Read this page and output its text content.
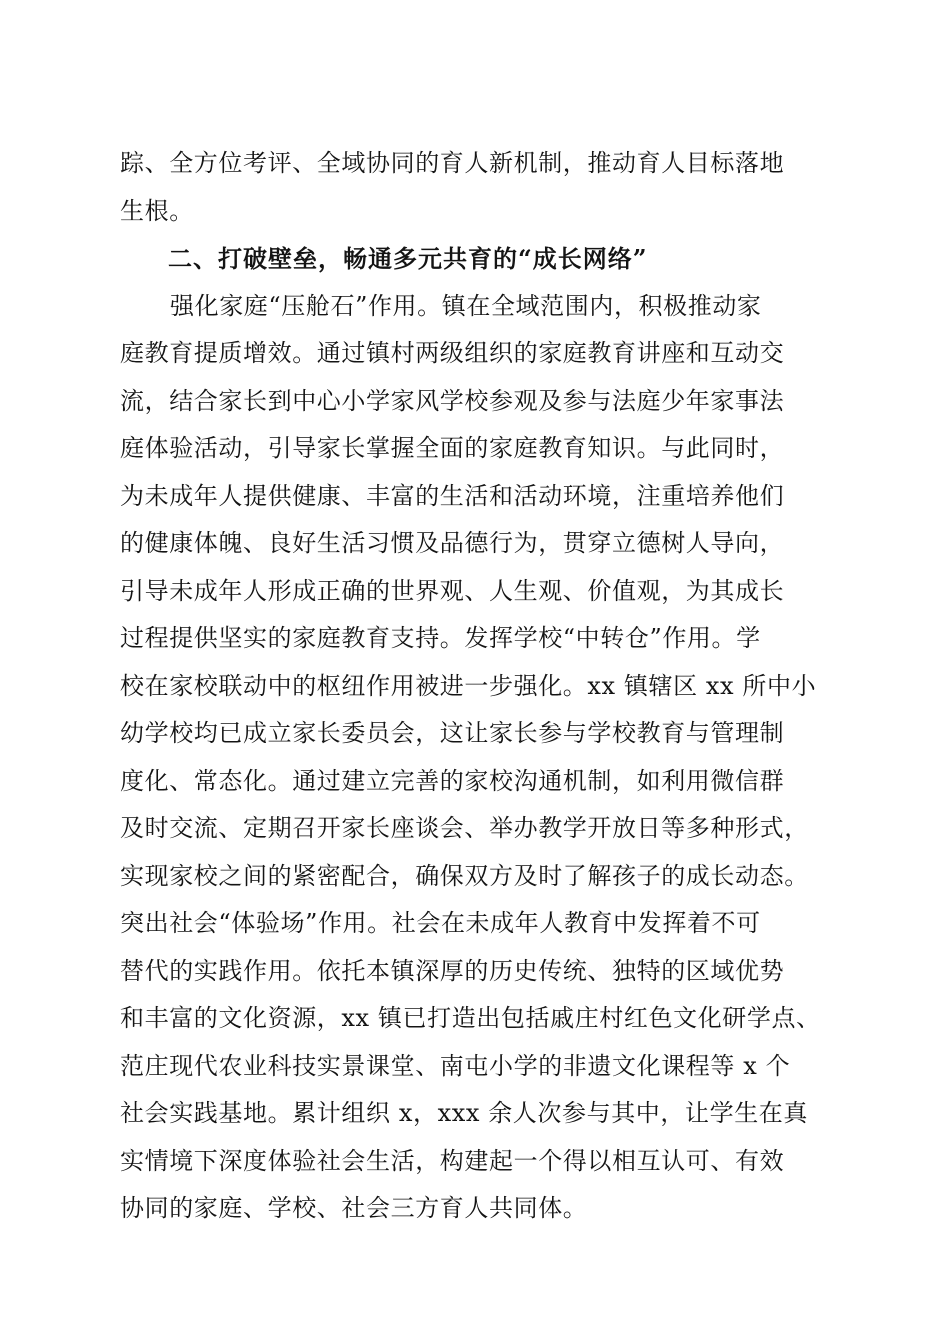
踪、全方位考评、全域协同的育人新机制，推动育人目标落地
生根。
二、打破壁垒，畅通多元共育的“成长网络”
强化家庭“压舱石”作用。镇在全域范围内，积极推动家
庭教育提质增效。通过镇村两级组织的家庭教育讲座和互动交
流，结合家长到中心小学家风学校参观及参与法庭少年家事法
庭体验活动，引导家长掌握全面的家庭教育知识。与此同时，
为未成年人提供健康、丰富的生活和活动环境，注重培养他们
的健康体魄、良好生活习惯及品德行为，贯穿立德树人导向，
引导未成年人形成正确的世界观、人生观、价值观，为其成长
过程提供坚实的家庭教育支持。发挥学校“中转仓”作用。学
校在家校联动中的枢纽作用被进一步强化。xx 镇辖区 xx 所中小
幼学校均已成立家长委员会，这让家长参与学校教育与管理制
度化、常态化。通过建立完善的家校沟通机制，如利用微信群
及时交流、定期召开家长座谈会、举办教学开放日等多种形式，
实现家校之间的紧密配合，确保双方及时了解孩子的成长动态。
突出社会“体验场”作用。社会在未成年人教育中发挥着不可
替代的实践作用。依托本镇深厚的历史传统、独特的区域优势
和丰富的文化资源，xx 镇已打造出包括戚庄村红色文化研学点、
范庄现代农业科技实景课堂、南屯小学的非遗文化课程等 x 个
社会实践基地。累计组织 x，xxx 余人次参与其中，让学生在真
实情境下深度体验社会生活，构建起一个得以相互认可、有效
协同的家庭、学校、社会三方育人共同体。
